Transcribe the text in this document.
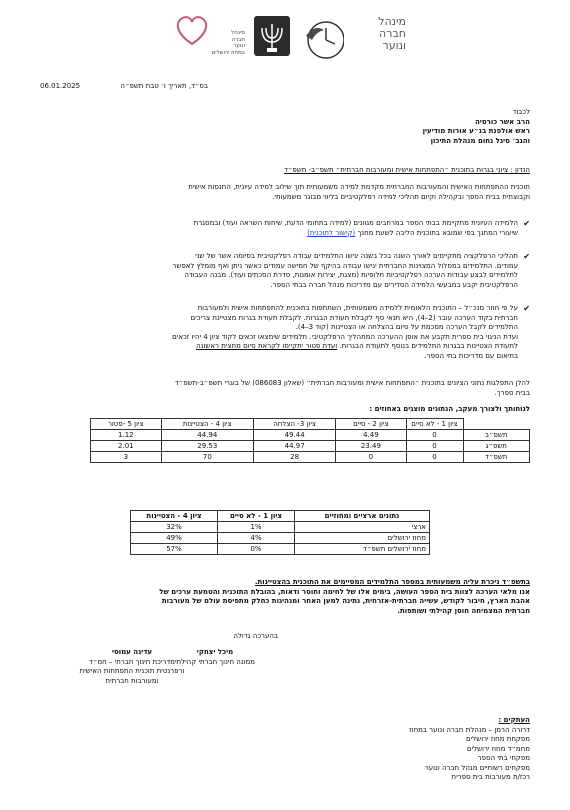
מינהל
חברה
ונוער
מינהל
חברה
ונוער
במחוז ירושלים
בס״ד, תאריך ו׳ טבת תשפ״ה
06.01.2025
לכבוד
הרב אשר כורסיה
ראש אולפנת בנ״ע אורות מודיעין
והגב׳ סיגל נחום מנהלת התיכון
הנדון : ציוני בגרות בתוכנית ״התפתחות אישית ומעורבות חברתית״ תשפ״ב- תשפ״ד
תוכנית ההתפתחות האישית והמעורבות החברתית מקדמת למידה משמעותית תוך שילוב למידה עיונית, התנסות אישית
וקבוצתית בבית הספר ובקהילה וקיום תהליכי למידה רפלקטיביים בליווי מבוגר משמעותי.
✔
הלמידה העיונית מתקיימת בבתי הספר במרחבים מגוונים (למידה בתחומי הדעת, שיחות השראה ועוד) ובמסגרת
שיעורי המחנך בפי שמובא בתוכנית הליבה לשעת מחנך (קישור לתוכנית)
✔
תהליכי הרפלקציה מתקיימים לאורך השנה בכל בשנה יגישו התלמידים עבודה רפלקטיבית בסיומה אשר של שני
עמודים. התלמידים במסלול המצוינות החברתית יגישו עבודה בהיקף של חמישה עמודים כאשר ניתן ואף מומלץ לאפשר
לתלמידים לבצע עבודות הערכה רפלקטיביות חלופיות (מצגת, יצירות אומנות, סדרת הסכתים ועוד). מבנה העבודה
הרפלקטיבית יקבע במבעשי הלמידה הסדירים עם מדריכות מנהל חברה בבתי הספר.
✔
על פי חוזר מנכ״ל – התוכנית הלאומית ללמידה משמעותית, השתתפות בתוכנית להתפתחות אישית ולמעורבות
חברתית בקוד הערכה עובר (2–4), היא תנאי סף לקבלת תעודת הבגרות. לקבלת תעודת בגרות מצטיינת צריכים
התלמידים לקבל הערכה מסכמת על סיום בהצלחה או הצטיינות (קוד 3–4).
ועדת הניגוי בית ספרית תקבע את אופן ההערכה המתהליך הרפלקטיבי. תלמידים שימצאו זכאים לקוד ציון 4 יהיו זכאים
לתעודת הצטיינות בבגרות התלמידים בנוסף לתעודת הבגרות. ועדת פטור יתקיימו לקראת סיום מחצית ראשונה
בתיאום עם מדריכות בתי הספר.
להלן התפלגות נתוני הציונים בתוכנית ״התפתחות אישית ומעורבות חברתית״ (שאלון 086083) של בוגרי תשפ״ב-תשפ״ד
בבית ספרך.
לנוחותך ולצורך מעקב, הנתונים מוצגים באחוזים :
	ציון 1 - לא סיים	ציון 2 - סיים	ציון 3- הצלחה	ציון 4 - הצטיינות	ציון 5 -פטור
תשפ״ב	0	4.49	49.44	44.94	1.12
תשפ״ג	0	23.49	44.97	29.53	2.01
תשפ״ד	0	0	28	70	3
נתונים ארציים ומחוזיים	ציון 1 - לא סיים	ציון 4 - הצטיינות
ארצי	1%	32%
מחוז ירושלים	4%	49%
מחוז ירושלים תשפ״ד	0%	57%
בתשפ״ד ניכרת עליה משמעותית במספר התלמידים המסיימים את התוכנית בהצטיינות.
אנו מלאי הערכה לצוות בית הספר העושה, בימים אלו של לחימה וחוסר ודאות, בהובלת התוכנית והטמעת ערכים של
אהבת הארץ, חיבור לקודש, עשייה חברתית-אזרחית, נתינה למען האחר ומנהיגות כחלק מתפיסת עולם של מעורבות
חברתית המצמיחה חוסן קהילתי ושותפות.
בהערכה גדולה
מיכל יצחקי
ממונה חינוך חברתי קהילתי
עדינה עמוסי
מדריכת חינוך חברתי – חמ״ד
ורפרנטית תוכנית התפתחות האישית
ומעורבות חברתית
העתקים :
דרורה הרמן – מנהלת חברה ונוער במחוז
מפקחת מחוז ירושלים
מחמ״ד מחוז ירושלים
מפקחי בתי הספר
מפקחים רשותיים מנהל חברה ונוער
רכז/ת מעורבות בית ספרית
